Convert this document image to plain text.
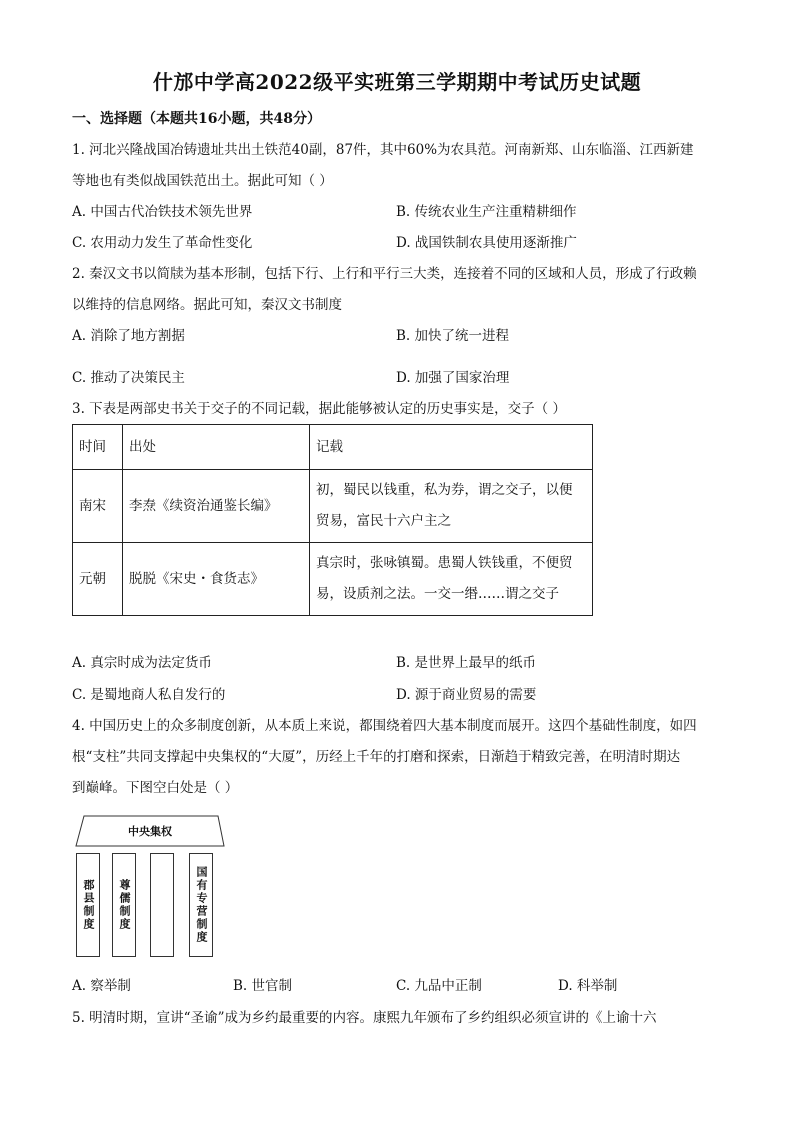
什邡中学高2022级平实班第三学期期中考试历史试题
一、选择题（本题共16小题，共48分）
1. 河北兴隆战国冶铸遗址共出土铁范40副，87件，其中60%为农具范。河南新郑、山东临淄、江西新建
等地也有类似战国铁范出土。据此可知（ ）
A. 中国古代冶铁技术领先世界	B. 传统农业生产注重精耕细作
C. 农用动力发生了革命性变化	D. 战国铁制农具使用逐渐推广
2. 秦汉文书以简牍为基本形制，包括下行、上行和平行三大类，连接着不同的区域和人员，形成了行政赖
以维持的信息网络。据此可知，秦汉文书制度
A. 消除了地方割据	B. 加快了统一进程
C. 推动了决策民主	D. 加强了国家治理
3. 下表是两部史书关于交子的不同记载，据此能够被认定的历史事实是，交子（ ）
时间	出处	记载
南宋	李焘《续资治通鉴长编》	初，蜀民以钱重，私为券，谓之交子，以便
贸易，富民十六户主之

元朝	脱脱《宋史・食货志》	真宗时，张咏镇蜀。患蜀人铁钱重，不便贸
易，设质剂之法。一交一缗……谓之交子
A. 真宗时成为法定货币	B. 是世界上最早的纸币
C. 是蜀地商人私自发行的	D. 源于商业贸易的需要
4. 中国历史上的众多制度创新，从本质上来说，都围绕着四大基本制度而展开。这四个基础性制度，如四
根“支柱”共同支撑起中央集权的“大厦”，历经上千年的打磨和探索，日渐趋于精致完善，在明清时期达
到巅峰。下图空白处是（ ）
中央集权
郡县制度	尊儒制度	国有专营制度
A. 察举制	B. 世官制	C. 九品中正制	D. 科举制
5. 明清时期，宣讲“圣谕”成为乡约最重要的内容。康熙九年颁布了乡约组织必须宣讲的《上谕十六
